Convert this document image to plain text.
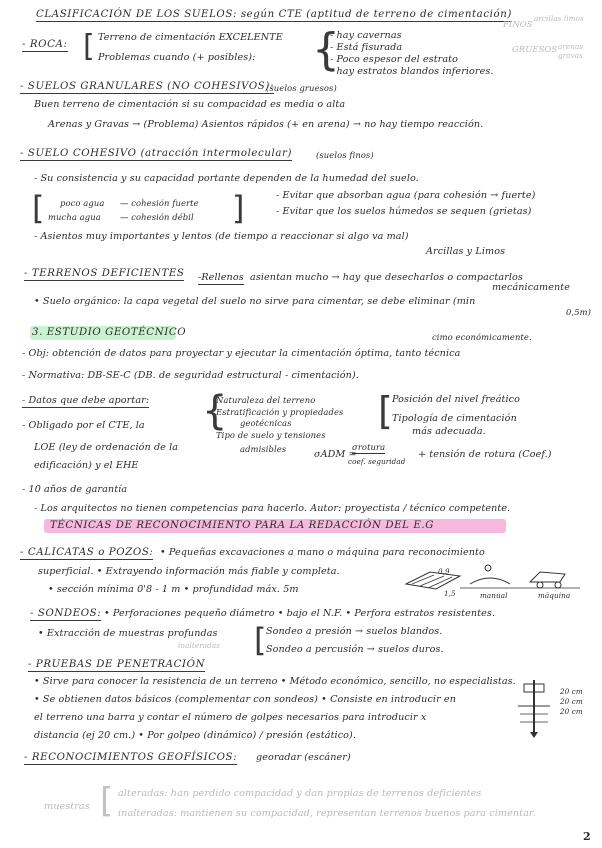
CLASIFICACIÓN DE LOS SUELOS: según CTE (aptitud de terreno de cimentación)
FINOS
arcillas limos
GRUESOS arenas gravas
- ROCA: [ Terreno de cimentación EXCELENTE
Problemas cuando (+ posibles): {
- hay cavernas
- Está fisurada
- Poco espesor del estrato
- hay estratos blandos inferiores.
- SUELOS GRANULARES (NO COHESIVOS):
(suelos gruesos)
Buen terreno de cimentación si su compacidad es media o alta
Arenas y Gravas → (Problema) Asientos rápidos (+ en arena) → no hay tiempo reacción.
- SUELO COHESIVO (atracción intermolecular)	(suelos finos)
- Su consistencia y su capacidad portante dependen de la humedad del suelo.
[ poco agua — cohesión fuerte
mucha agua — cohesión débil ]	- Evitar que absorban agua (para cohesión → fuerte)
- Evitar que los suelos húmedos se sequen (grietas)
- Asientos muy importantes y lentos (de tiempo a reaccionar si algo va mal)
Arcillas y Limos
- TERRENOS DEFICIENTES -Rellenos asientan mucho → hay que desecharlos o compactarlos
mecánicamente
• Suelo orgánico: la capa vegetal del suelo no sirve para cimentar, se debe eliminar (min
0,5m)
3. ESTUDIO GEOTÉCNICO	cimo económicamente.
- Obj: obtención de datos para proyectar y ejecutar la cimentación óptima, tanto técnica
- Normativa: DB-SE-C (DB. de seguridad estructural - cimentación).
- Datos que debe aportar: {
Naturaleza del terreno
Estratificación y propiedades
geotécnicas
Tipo de suelo y tensiones
admisibles
[ Posición del nivel freático
Tipología de cimentación
más adecuada.
- Obligado por el CTE, la
LOE (ley de ordenación de la
edificación) y el EHE
σADM =
σrotura
coef. seguridad
+ tensión de rotura (Coef.)
- 10 años de garantía
- Los arquitectos no tienen competencias para hacerlo. Autor: proyectista / técnico competente.
TÉCNICAS DE RECONOCIMIENTO PARA LA REDACCIÓN DEL E.G
- CALICATAS o POZOS: • Pequeñas excavaciones a mano o máquina para reconocimiento
superficial. • Extrayendo información más fiable y completa.
• sección mínima 0'8 - 1 m • profundidad máx. 5m
0,9
1,5	manual	máquina
- SONDEOS: • Perforaciones pequeño diámetro • bajo el N.F. • Perfora estratos resistentes.
• Extracción de muestras profundas
inalteradas [ Sondeo a presión → suelos blandos.
Sondeo a percusión → suelos duros.
- PRUEBAS DE PENETRACIÓN
• Sirve para conocer la resistencia de un terreno • Método económico, sencillo, no especialistas.
• Se obtienen datos básicos (complementar con sondeos) • Consiste en introducir en
el terreno una barra y contar el número de golpes necesarios para introducir x
distancia (ej 20 cm.) • Por golpeo (dinámico) / presión (estático).
20 cm
20 cm
20 cm
- RECONOCIMIENTOS GEOFÍSICOS: georadar (escáner)
muestras [ alteradas: han perdido compacidad y dan propias de terrenos deficientes
inalteradas: mantienen su compacidad, representan terrenos buenos para cimentar.
2
